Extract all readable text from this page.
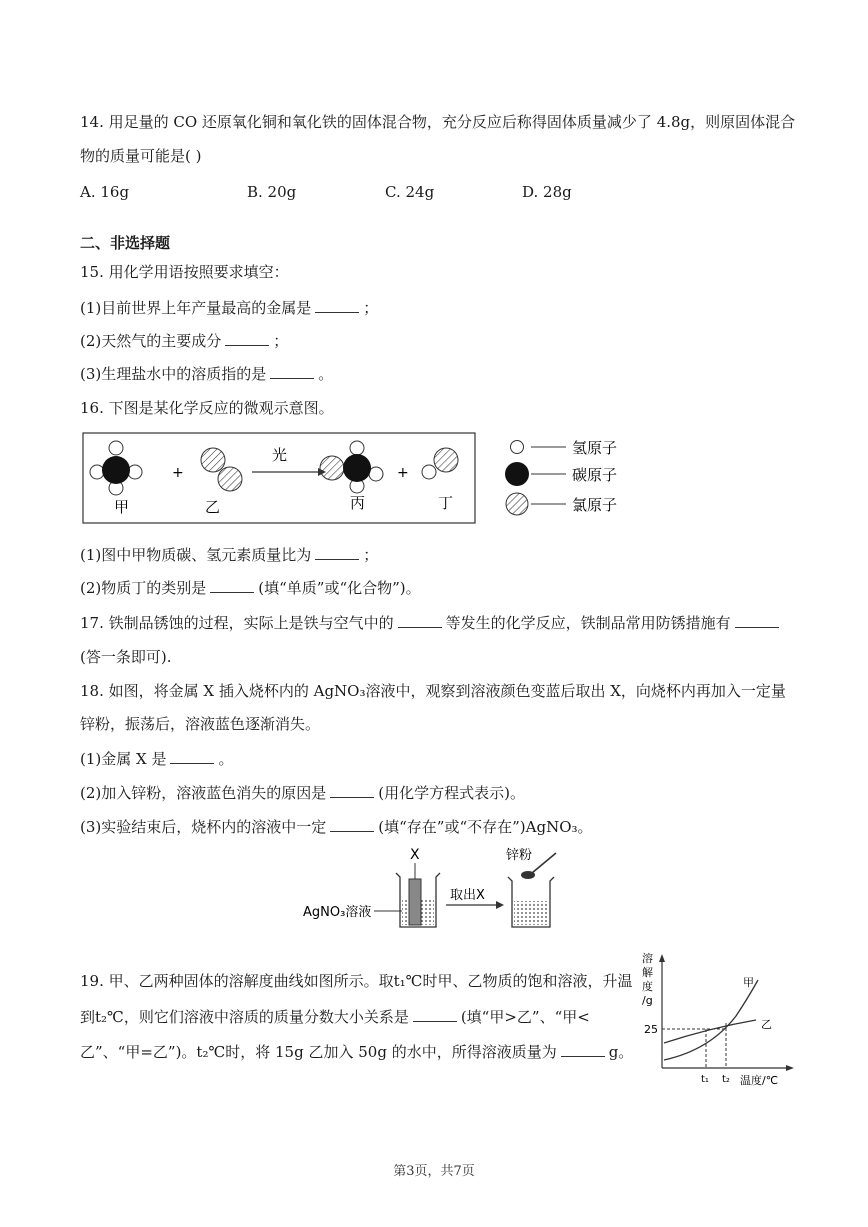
14. 用足量的 CO 还原氧化铜和氧化铁的固体混合物，充分反应后称得固体质量减少了 4.8g，则原固体混合
物的质量可能是( )
A. 16g	B. 20g	C. 24g	D. 28g
二、非选择题
15. 用化学用语按照要求填空：
(1)目前世界上年产量最高的金属是	；
(2)天然气的主要成分	；
(3)生理盐水中的溶质指的是	。
16. 下图是某化学反应的微观示意图。
甲
+
乙
光
丙
+
丁
氢原子
碳原子
氯原子
(1)图中甲物质碳、氢元素质量比为	；
(2)物质丁的类别是	(填“单质”或“化合物”)。
17. 铁制品锈蚀的过程，实际上是铁与空气中的	等发生的化学反应，铁制品常用防锈措施有
(答一条即可).
18. 如图，将金属 X 插入烧杯内的 AgNO₃溶液中，观察到溶液颜色变蓝后取出 X，向烧杯内再加入一定量
锌粉，振荡后，溶液蓝色逐渐消失。
(1)金属 X 是	。
(2)加入锌粉，溶液蓝色消失的原因是	(用化学方程式表示)。
(3)实验结束后，烧杯内的溶液中一定	(填“存在”或“不存在”)AgNO₃。
X
AgNO₃溶液
取出X
锌粉
19. 甲、乙两种固体的溶解度曲线如图所示。取t₁℃时甲、乙物质的饱和溶液，升温
到t₂℃，则它们溶液中溶质的质量分数大小关系是	(填“甲>乙”、“甲<
乙”、“甲=乙”)。t₂℃时，将 15g 乙加入 50g 的水中，所得溶液质量为	g。
溶
解
度
/g
25
甲
乙
t₁ t₂ 温度/℃
第3页，共7页
